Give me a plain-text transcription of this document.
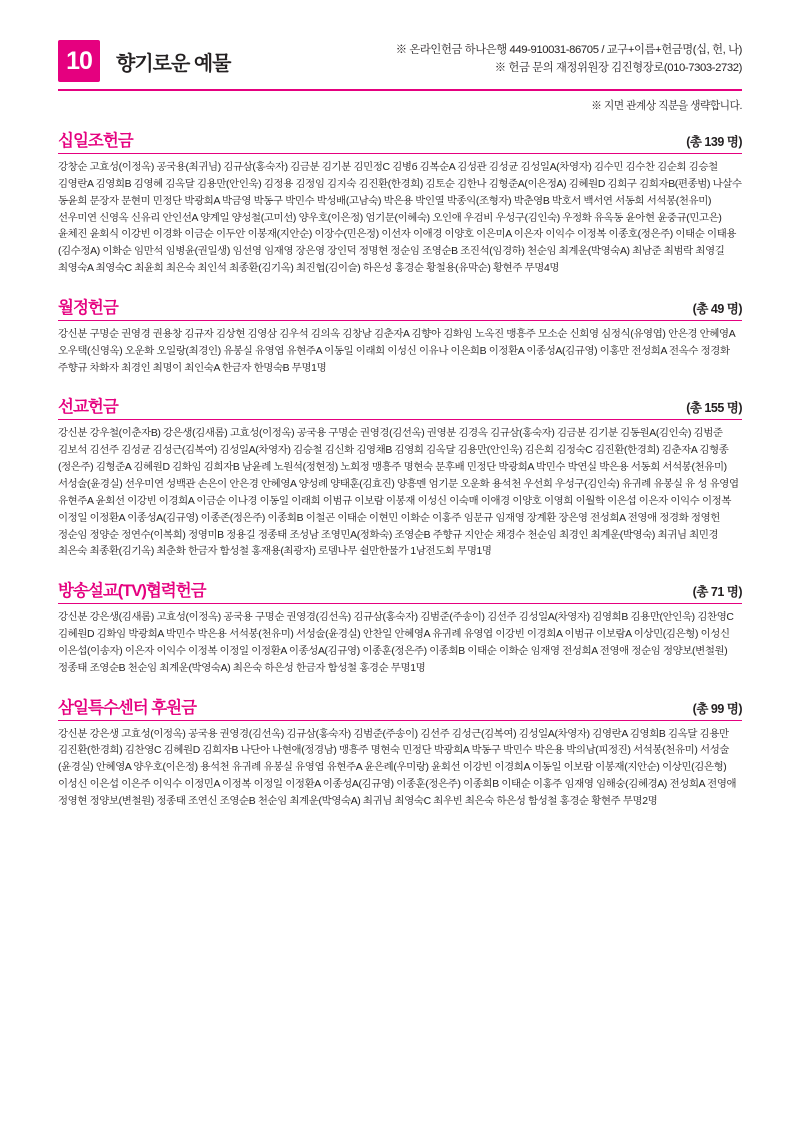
10	향기로운 예물
※ 온라인헌금 하나은행 449-910031-86705 / 교구+이름+헌금명(십, 헌, 나)
※ 헌금 문의 재정위원장 김진형장로(010-7303-2732)
※ 지면 관계상 직분을 생략합니다.
십일조헌금	(총 139 명)
강창순 고효성(이정옥) 공국용(최귀님) 김규삼(홍숙자) 김금분 김기분 김민정C 김병б 김복순A 김성관 김성균 김성일A(차영자) 김수민 김수찬 김순회 김승철 김영란A 김영희B 김영혜 김옥달 김용만(안인욱) 김정용 김정임 김지숙 김진환(한경희) 김토순 김한나 김형준A(이은정A) 김혜원D 김희구 김희자B(편종범) 나살수 동윤희 문장자 문현미 민정단 박광희A 박금영 박동구 박민수 박성배(고남숙) 박은용 박인열 박종익(조형자) 박춘영B 박호서 백서연 서동희 서석봉(천유미) 선우미연 신영옥 신유리 안인선A 양계일 양성철(고미선) 양우호(이은정) 엄기문(이혜숙) 오인애 우검비 우성구(김인숙) 우정화 유옥동 윤아현 윤중규(민고은) 윤체진 윤회식 이강빈 이경화 이금순 이두안 이봉재(지안순) 이장수(민은정) 이선자 이애경 이양호 이은미A 이은자 이익수 이정복 이종호(정은주) 이태순 이태용(김수정A) 이화순 임만석 임병윤(권일생) 임선영 임재영 장은영 장인덕 정명현 정순임 조영순B 조진석(임경하) 천순임 최계운(박영숙A) 최남준 최범락 최영길 최영숙A 최영숙C 최윤희 최은숙 최인석 최종환(김기옥) 최진협(김이슬) 하은성 홍경순 황철용(유막순) 황현주 무명4명
월정헌금	(총 49 명)
강신분 구명순 권영경 권용창 김규자 김상현 김영삼 김우석 김의옥 김창남 김춘자A 김향아 김화임 노옥진 맹흥주 모소순 신희영 심정식(유영엽) 안은경 안혜영A 오우택(신영옥) 오운화 오일랑(최경인) 유봉실 유영엽 유현주A 이동일 이래희 이성신 이유나 이은희B 이정환A 이종성A(김규영) 이홍만 전성희A 전옥수 정경화 주향규 차화자 최경인 최명이 최인숙A 한금자 한명숙B 무명1명
선교헌금	(총 155 명)
강신분 강우철(이춘자B) 강은생(김새롬) 고효성(이정옥) 공국용 구명순 권영경(김선옥) 권영분 김경옥 김규삼(홍숙자) 김금분 김기분 김동원A(김인숙) 김범준 김보석 김선주 김성균 김성근(김복여) 김성일A(차영자) 김승철 김신화 김영채B 김영희 김옥달 김용만(안인욱) 김은희 김정숙C 김진환(한경희) 김춘자A 김형종(정은주) 김형준A 김혜원D 김화임 김희자B 남윤례 노원석(정현정) 노희정 맹흥주 명현숙 문후배 민정단 박광희A 박민수 박연실 박은용 서동희 서석봉(천유미) 서성술(윤경실) 선우미연 성백관 손은이 안은경 안혜영A 양성례 양태훈(김효진) 양흥멘 엄기문 오운화 용석천 우선희 우성구(김인숙) 유귀례 유봉실 유 성 유영엽 유현주A 윤회선 이강빈 이경희A 이금순 이나경 이동일 이래희 이범규 이보람 이봉재 이성신 이숙매 이애경 이양호 이영희 이월학 이은섭 이은자 이익수 이정복 이정일 이정환A 이종성A(김규영) 이종존(정은주) 이종회B 이철곤 이태순 이현민 이화순 이홍주 임문규 임재영 장계환 장은영 전성희A 전영애 정경화 정영헌 정순임 정양순 정연수(이복희) 정영미B 정용길 정종태 조성남 조영민A(정화숙) 조영순B 주향규 지안순 채경수 천순임 최경인 최계운(박영숙) 최귀님 최민경 최은숙 최종환(김기옥) 최춘화 한금자 함성철 홍재용(최광자) 로뎀나무 쉴만한물가 1남전도회 무명1명
방송설교(TV)협력헌금	(총 71 명)
강신분 강은생(김새롬) 고효성(이정옥) 공국용 구명순 권영경(김선옥) 김규삼(홍숙자) 김범준(주송이) 김선주 김성일A(차영자) 김영희B 김용만(안인욱) 김찬영C 김혜원D 김화임 박광희A 박민수 박은용 서석봉(천유미) 서성술(윤경실) 안찬일 안혜영A 유귀례 유영엽 이강빈 이경희A 이범규 이보람A 이상민(김은형) 이성신 이은섭(이송자) 이은자 이익수 이정복 이정일 이정환A 이종성A(김규영) 이종훈(정은주) 이종회B 이태순 이화순 임재영 전성희A 전영애 정순임 정양보(변철원) 정종태 조영순B 천순임 최계운(박영숙A) 최은숙 하은성 한금자 함성철 홍경순 무명1명
삼일특수센터 후원금	(총 99 명)
강신분 강은생 고효성(이정옥) 공국용 권영경(김선옥) 김규삼(홍숙자) 김범준(주송이) 김선주 김성근(김복여) 김성일A(차영자) 김영란A 김영희B 김옥달 김용만 김진환(한경희) 김찬영C 김혜원D 김희자B 나단아 나현애(정경남) 맹흥주 명현숙 민정단 박광희A 박동구 박민수 박은용 박의남(피정진) 서석봉(천유미) 서성술(윤경실) 안혜영A 양우호(이은정) 용석천 유귀례 유봉실 유영엽 유현주A 윤은례(우미랑) 윤회선 이강빈 이경희A 이동일 이보람 이봉재(지안순) 이상민(김은형) 이성신 이은섭 이은주 이익수 이정민A 이정복 이정일 이정환A 이종성A(김규영) 이종훈(정은주) 이종희B 이태순 이홍주 임재영 임해숭(김혜경A) 전성희A 전영애 정영현 정양보(변철원) 정종태 조연신 조영순B 천순임 최계운(박영숙A) 최귀님 최영숙C 최우빈 최은숙 하은성 함성철 홍경순 황현주 무명2명
